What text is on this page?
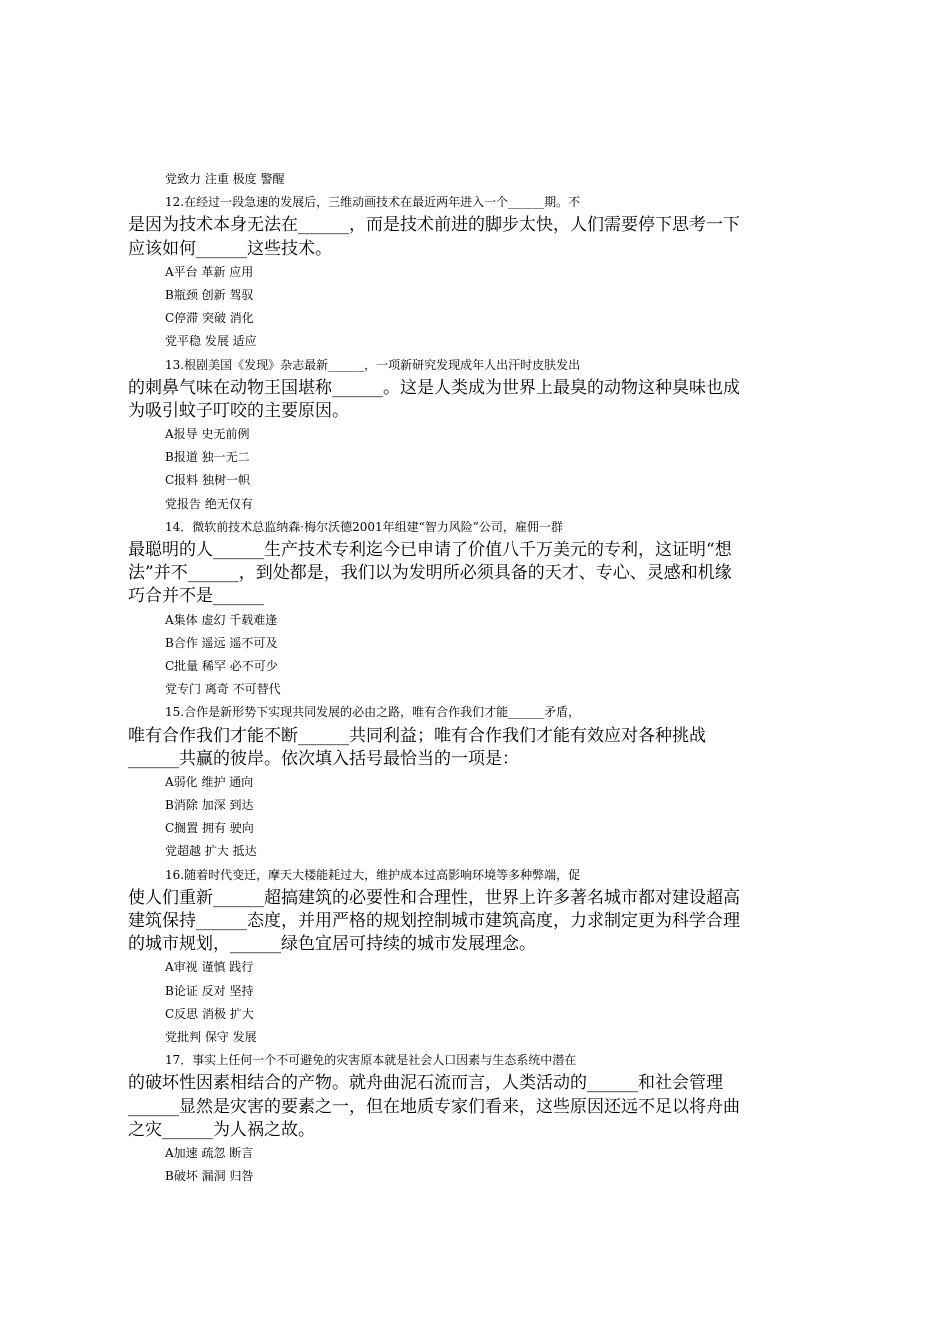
党致力 注重 极度 警醒
12.在经过一段急速的发展后，三维动画技术在最近两年进入一个______期。不
是因为技术本身无法在______，而是技术前进的脚步太快，人们需要停下思考一下
应该如何______这些技术。
A平台 革新 应用
B瓶颈 创新 驾驭
C停滞 突破 消化
党平稳 发展 适应
13.根剧美国《发现》杂志最新______，一项新研究发现成年人出汗时皮肤发出
的刺鼻气味在动物王国堪称______。这是人类成为世界上最臭的动物这种臭味也成
为吸引蚊子叮咬的主要原因。
A报导 史无前例
B报道 独一无二
C报料 独树一帜
党报告 绝无仅有
14．微软前技术总监纳森·梅尔沃德2001年组建“智力风险”公司，雇佣一群
最聪明的人______生产技术专利迄今已申请了价值八千万美元的专利，这证明“想
法”并不______，到处都是，我们以为发明所必须具备的天才、专心、灵感和机缘
巧合并不是______
A集体 虚幻 千载难逢
B合作 遥远 遥不可及
C批量 稀罕 必不可少
党专门 离奇 不可替代
15.合作是新形势下实现共同发展的必由之路，唯有合作我们才能______矛盾，
唯有合作我们才能不断______共同利益；唯有合作我们才能有效应对各种挑战
______共赢的彼岸。依次填入括号最恰当的一项是：
A弱化 维护 通向
B消除 加深 到达
C搁置 拥有 驶向
党超越 扩大 抵达
16.随着时代变迁，摩天大楼能耗过大，维护成本过高影响环境等多种弊端，促
使人们重新______超搞建筑的必要性和合理性，世界上许多著名城市都对建设超高
建筑保持______态度，并用严格的规划控制城市建筑高度，力求制定更为科学合理
的城市规划，______绿色宜居可持续的城市发展理念。
A审视 谨慎 践行
B论证 反对 坚持
C反思 消极 扩大
党批判 保守 发展
17．事实上任何一个不可避免的灾害原本就是社会人口因素与生态系统中潜在
的破坏性因素相结合的产物。就舟曲泥石流而言，人类活动的______和社会管理
______显然是灾害的要素之一，但在地质专家们看来，这些原因还远不足以将舟曲
之灾______为人祸之故。
A加速 疏忽 断言
B破坏 漏洞 归咎
